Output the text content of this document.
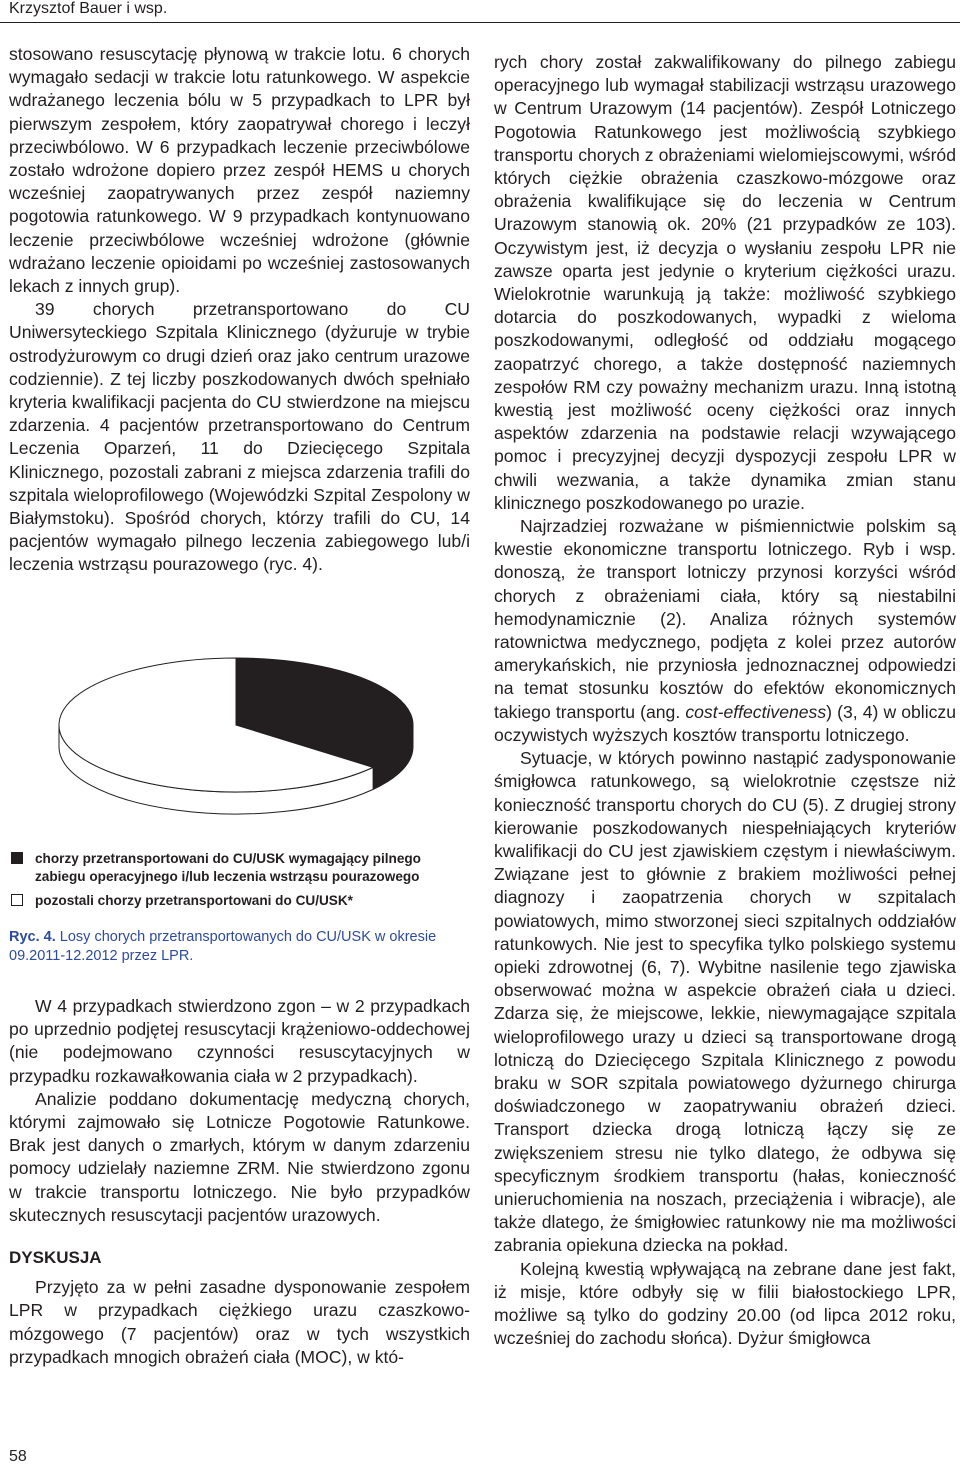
Krzysztof Bauer i wsp.

stosowano resuscytację płynową w trakcie lotu. 6 chorych wymagało sedacji w trakcie lotu ratunkowego. W aspekcie wdrażanego leczenia bólu w 5 przypadkach to LPR był pierwszym zespołem, który zaopatrywał chorego i leczył przeciwbólowo. W 6 przypadkach leczenie przeciwbólowe zostało wdrożone dopiero przez zespół HEMS u chorych wcześniej zaopatrywanych przez zespół naziemny pogotowia ratunkowego. W 9 przypadkach kontynuowano leczenie przeciwbólowe wcześniej wdrożone (głównie wdrażano leczenie opioidami po wcześniej zastosowanych lekach z innych grup).

39 chorych przetransportowano do CU Uniwersyteckiego Szpitala Klinicznego (dyżuruje w trybie ostrodyżurowym co drugi dzień oraz jako centrum urazowe codziennie). Z tej liczby poszkodowanych dwóch spełniało kryteria kwalifikacji pacjenta do CU stwierdzone na miejscu zdarzenia. 4 pacjentów przetransportowano do Centrum Leczenia Oparzeń, 11 do Dziecięcego Szpitala Klinicznego, pozostali zabrani z miejsca zdarzenia trafili do szpitala wieloprofilowego (Wojewódzki Szpital Zespolony w Białymstoku). Spośród chorych, którzy trafili do CU, 14 pacjentów wymagało pilnego leczenia zabiegowego lub/i leczenia wstrząsu pourazowego (ryc. 4).

chorzy przetransportowani do CU/USK wymagający pilnego zabiegu operacyjnego i/lub leczenia wstrząsu pourazowego
pozostali chorzy przetransportowani do CU/USK*
Ryc. 4. Losy chorych przetransportowanych do CU/USK w okresie 09.2011-12.2012 przez LPR.

W 4 przypadkach stwierdzono zgon – w 2 przypadkach po uprzednio podjętej resuscytacji krążeniowo-oddechowej (nie podejmowano czynności resuscytacyjnych w przypadku rozkawałkowania ciała w 2 przypadkach).

Analizie poddano dokumentację medyczną chorych, którymi zajmowało się Lotnicze Pogotowie Ratunkowe. Brak jest danych o zmarłych, którym w danym zdarzeniu pomocy udzielały naziemne ZRM. Nie stwierdzono zgonu w trakcie transportu lotniczego. Nie było przypadków skutecznych resuscytacji pacjentów urazowych.

DYSKUSJA

Przyjęto za w pełni zasadne dysponowanie zespołem LPR w przypadkach ciężkiego urazu czaszkowo-mózgowego (7 pacjentów) oraz w tych wszystkich przypadkach mnogich obrażeń ciała (MOC), w któ-

rych chory został zakwalifikowany do pilnego zabiegu operacyjnego lub wymagał stabilizacji wstrząsu urazowego w Centrum Urazowym (14 pacjentów). Zespół Lotniczego Pogotowia Ratunkowego jest możliwością szybkiego transportu chorych z obrażeniami wielomiejscowymi, wśród których ciężkie obrażenia czaszkowo-mózgowe oraz obrażenia kwalifikujące się do leczenia w Centrum Urazowym stanowią ok. 20% (21 przypadków ze 103). Oczywistym jest, iż decyzja o wysłaniu zespołu LPR nie zawsze oparta jest jedynie o kryterium ciężkości urazu. Wielokrotnie warunkują ją także: możliwość szybkiego dotarcia do poszkodowanych, wypadki z wieloma poszkodowanymi, odległość od oddziału mogącego zaopatrzyć chorego, a także dostępność naziemnych zespołów RM czy poważny mechanizm urazu. Inną istotną kwestią jest możliwość oceny ciężkości oraz innych aspektów zdarzenia na podstawie relacji wzywającego pomoc i precyzyjnej decyzji dyspozycji zespołu LPR w chwili wezwania, a także dynamika zmian stanu klinicznego poszkodowanego po urazie.

Najrzadziej rozważane w piśmiennictwie polskim są kwestie ekonomiczne transportu lotniczego. Ryb i wsp. donoszą, że transport lotniczy przynosi korzyści wśród chorych z obrażeniami ciała, który są niestabilni hemodynamicznie (2). Analiza różnych systemów ratownictwa medycznego, podjęta z kolei przez autorów amerykańskich, nie przyniosła jednoznacznej odpowiedzi na temat stosunku kosztów do efektów ekonomicznych takiego transportu (ang. cost-effectiveness) (3, 4) w obliczu oczywistych wyższych kosztów transportu lotniczego.

Sytuacje, w których powinno nastąpić zadysponowanie śmigłowca ratunkowego, są wielokrotnie częstsze niż konieczność transportu chorych do CU (5). Z drugiej strony kierowanie poszkodowanych niespełniających kryteriów kwalifikacji do CU jest zjawiskiem częstym i niewłaściwym. Związane jest to głównie z brakiem możliwości pełnej diagnozy i zaopatrzenia chorych w szpitalach powiatowych, mimo stworzonej sieci szpitalnych oddziałów ratunkowych. Nie jest to specyfika tylko polskiego systemu opieki zdrowotnej (6, 7). Wybitne nasilenie tego zjawiska obserwować można w aspekcie obrażeń ciała u dzieci. Zdarza się, że miejscowe, lekkie, niewymagające szpitala wieloprofilowego urazy u dzieci są transportowane drogą lotniczą do Dziecięcego Szpitala Klinicznego z powodu braku w SOR szpitala powiatowego dyżurnego chirurga doświadczonego w zaopatrywaniu obrażeń dzieci. Transport dziecka drogą lotniczą łączy się ze zwiększeniem stresu nie tylko dlatego, że odbywa się specyficznym środkiem transportu (hałas, konieczność unieruchomienia na noszach, przeciążenia i wibracje), ale także dlatego, że śmigłowiec ratunkowy nie ma możliwości zabrania opiekuna dziecka na pokład.

Kolejną kwestią wpływającą na zebrane dane jest fakt, iż misje, które odbyły się w filii białostockiego LPR, możliwe są tylko do godziny 20.00 (od lipca 2012 roku, wcześniej do zachodu słońca). Dyżur śmigłowca

58
